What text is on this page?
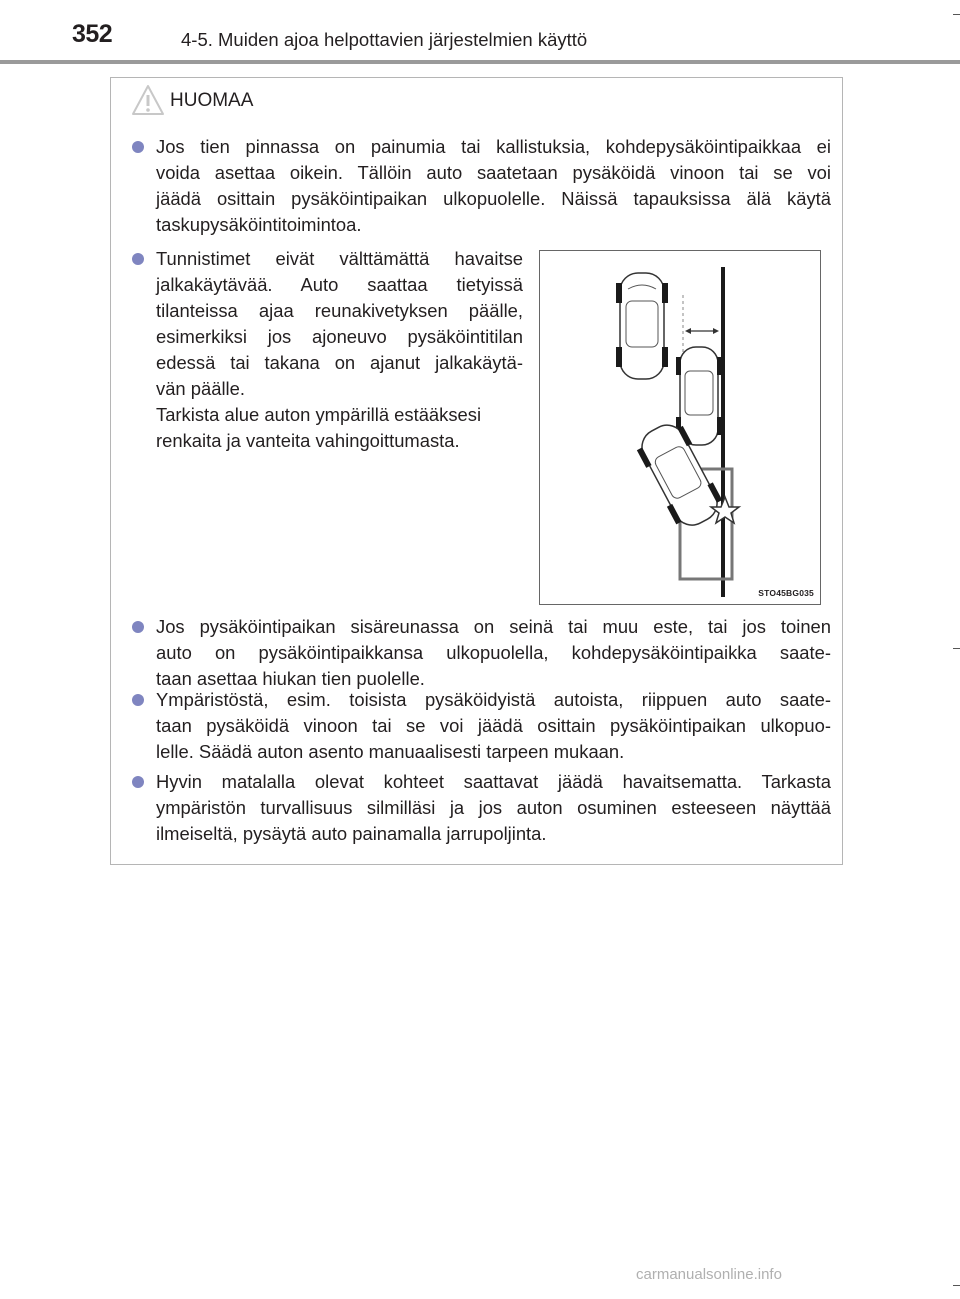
352	4-5. Muiden ajoa helpottavien järjestelmien käyttö
HUOMAA
Jos tien pinnassa on painumia tai kallistuksia, kohdepysäköintipaikkaa ei
voida asettaa oikein. Tällöin auto saatetaan pysäköidä vinoon tai se voi
jäädä osittain pysäköintipaikan ulkopuolelle. Näissä tapauksissa älä käytä
taskupysäköintitoimintoa.
Tunnistimet eivät välttämättä havaitse
jalkakäytävää. Auto saattaa tietyissä
tilanteissa ajaa reunakivetyksen päälle,
esimerkiksi jos ajoneuvo pysäköintitilan
edessä tai takana on ajanut jalkakäytä-
vän päälle.
Tarkista alue auton ympärillä estääksesi
renkaita ja vanteita vahingoittumasta.
STO45BG035
Jos pysäköintipaikan sisäreunassa on seinä tai muu este, tai jos toinen
auto on pysäköintipaikkansa ulkopuolella, kohdepysäköintipaikka saate-
taan asettaa hiukan tien puolelle.
Ympäristöstä, esim. toisista pysäköidyistä autoista, riippuen auto saate-
taan pysäköidä vinoon tai se voi jäädä osittain pysäköintipaikan ulkopuo-
lelle. Säädä auton asento manuaalisesti tarpeen mukaan.
Hyvin matalalla olevat kohteet saattavat jäädä havaitsematta. Tarkasta
ympäristön turvallisuus silmilläsi ja jos auton osuminen esteeseen näyttää
ilmeiseltä, pysäytä auto painamalla jarrupoljinta.
carmanualsonline.info
